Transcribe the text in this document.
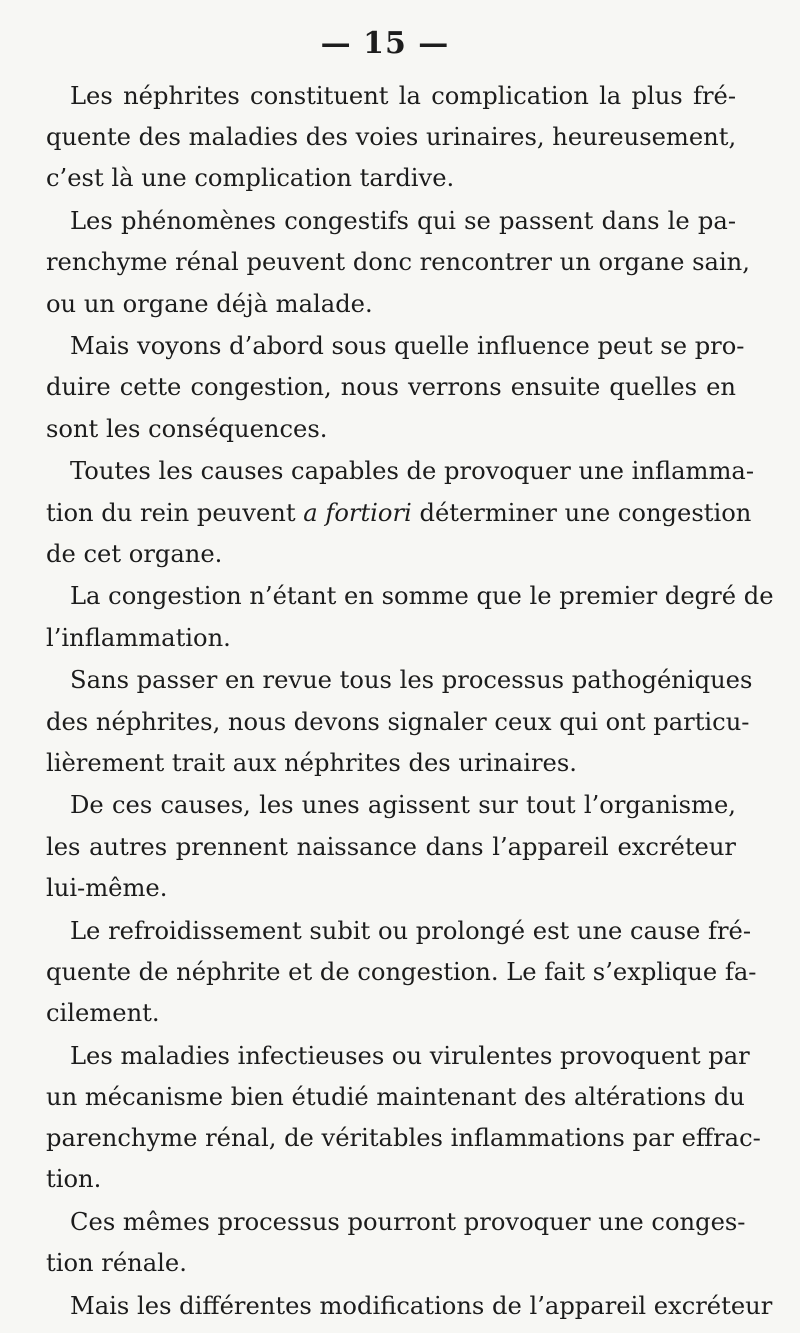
— 15 —

Les néphrites constituent la complication la plus fré-
quente des maladies des voies urinaires, heureusement,
c’est là une complication tardive.

Les phénomènes congestifs qui se passent dans le pa-
renchyme rénal peuvent donc rencontrer un organe sain,
ou un organe déjà malade.

Mais voyons d’abord sous quelle influence peut se pro-
duire cette congestion, nous verrons ensuite quelles en
sont les conséquences.

Toutes les causes capables de provoquer une inflamma-
tion du rein peuvent a fortiori déterminer une congestion
de cet organe.

La congestion n’étant en somme que le premier degré de
l’inflammation.

Sans passer en revue tous les processus pathogéniques
des néphrites, nous devons signaler ceux qui ont particu-
lièrement trait aux néphrites des urinaires.

De ces causes, les unes agissent sur tout l’organisme,
les autres prennent naissance dans l’appareil excréteur
lui-même.

Le refroidissement subit ou prolongé est une cause fré-
quente de néphrite et de congestion. Le fait s’explique fa-
cilement.

Les maladies infectieuses ou virulentes provoquent par
un mécanisme bien étudié maintenant des altérations du
parenchyme rénal, de véritables inflammations par effrac-
tion.

Ces mêmes processus pourront provoquer une conges-
tion rénale.

Mais les différentes modifications de l’appareil excréteur
